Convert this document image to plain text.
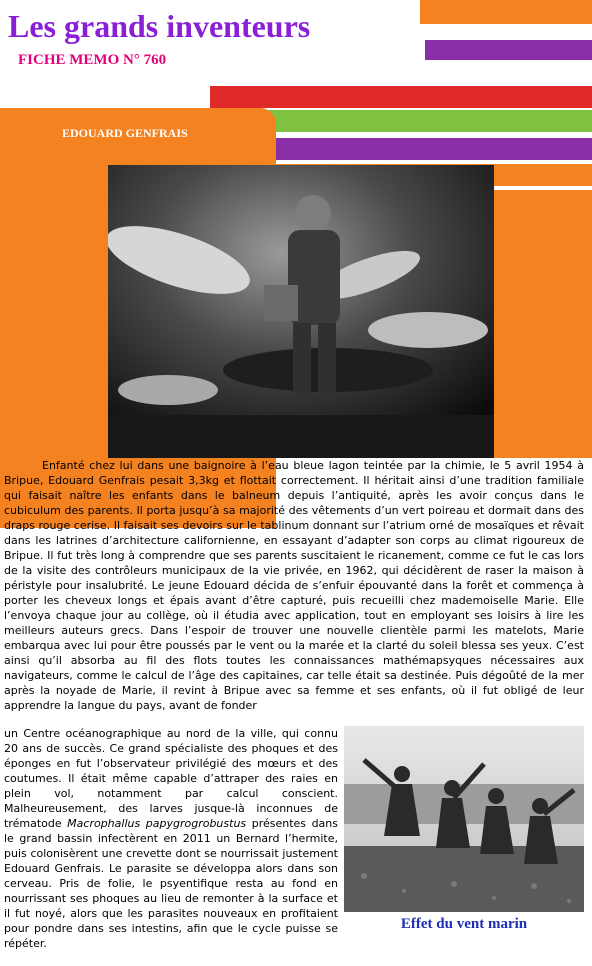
Les grands inventeurs
FICHE MEMO N° 760
EDOUARD GENFRAIS

Enfanté chez lui dans une baignoire à l’eau bleue lagon teintée par la chimie, le 5 avril 1954 à Bripue, Edouard Genfrais pesait 3,3kg et flottait correctement. Il héritait ainsi d’une tradition familiale qui faisait naître les enfants dans le balneum depuis l’antiquité, après les avoir conçus dans le cubiculum des parents. Il porta jusqu’à sa majorité des vêtements d’un vert poireau et dormait dans des draps rouge cerise. Il faisait ses devoirs sur le tablinum donnant sur l’atrium orné de mosaïques et rêvait dans les latrines d’architecture californienne, en essayant d’adapter son corps au climat rigoureux de Bripue. Il fut très long à comprendre que ses parents suscitaient le ricanement, comme ce fut le cas lors de la visite des contrôleurs municipaux de la vie privée, en 1962, qui décidèrent de raser la maison à péristyle pour insalubrité. Le jeune Edouard décida de s’enfuir épouvanté dans la forêt et commença à porter les cheveux longs et épais avant d’être capturé, puis recueilli chez mademoiselle Marie. Elle l’envoya chaque jour au collège, où il étudia avec application, tout en employant ses loisirs à lire les meilleurs auteurs grecs. Dans l’espoir de trouver une nouvelle clientèle parmi les matelots, Marie embarqua avec lui pour être poussés par le vent ou la marée et la clarté du soleil blessa ses yeux. C’est ainsi qu’il absorba au fil des flots toutes les connaissances mathémapsyques nécessaires aux navigateurs, comme le calcul de l’âge des capitaines, car telle était sa destinée. Puis dégoûté de la mer après la noyade de Marie, il revint à Bripue avec sa femme et ses enfants, où il fut obligé de leur apprendre la langue du pays, avant de fonder

un Centre océanographique au nord de la ville, qui connu 20 ans de succès. Ce grand spécialiste des phoques et des éponges en fut l’observateur privilégié des mœurs et des coutumes. Il était même capable d’attraper des raies en plein vol, notamment par calcul conscient. Malheureusement, des larves jusque-là inconnues de trématode Macrophallus papygrogrobustus présentes dans le grand bassin infectèrent en 2011 un Bernard l’hermite, puis colonisèrent une crevette dont se nourrissait justement Edouard Genfrais. Le parasite se développa alors dans son cerveau. Pris de folie, le psyentifique resta au fond en nourrissant ses phoques au lieu de remonter à la surface et il fut noyé, alors que les parasites nouveaux en profitaient pour pondre dans ses intestins, afin que le cycle puisse se répéter.

Effet du vent marin
